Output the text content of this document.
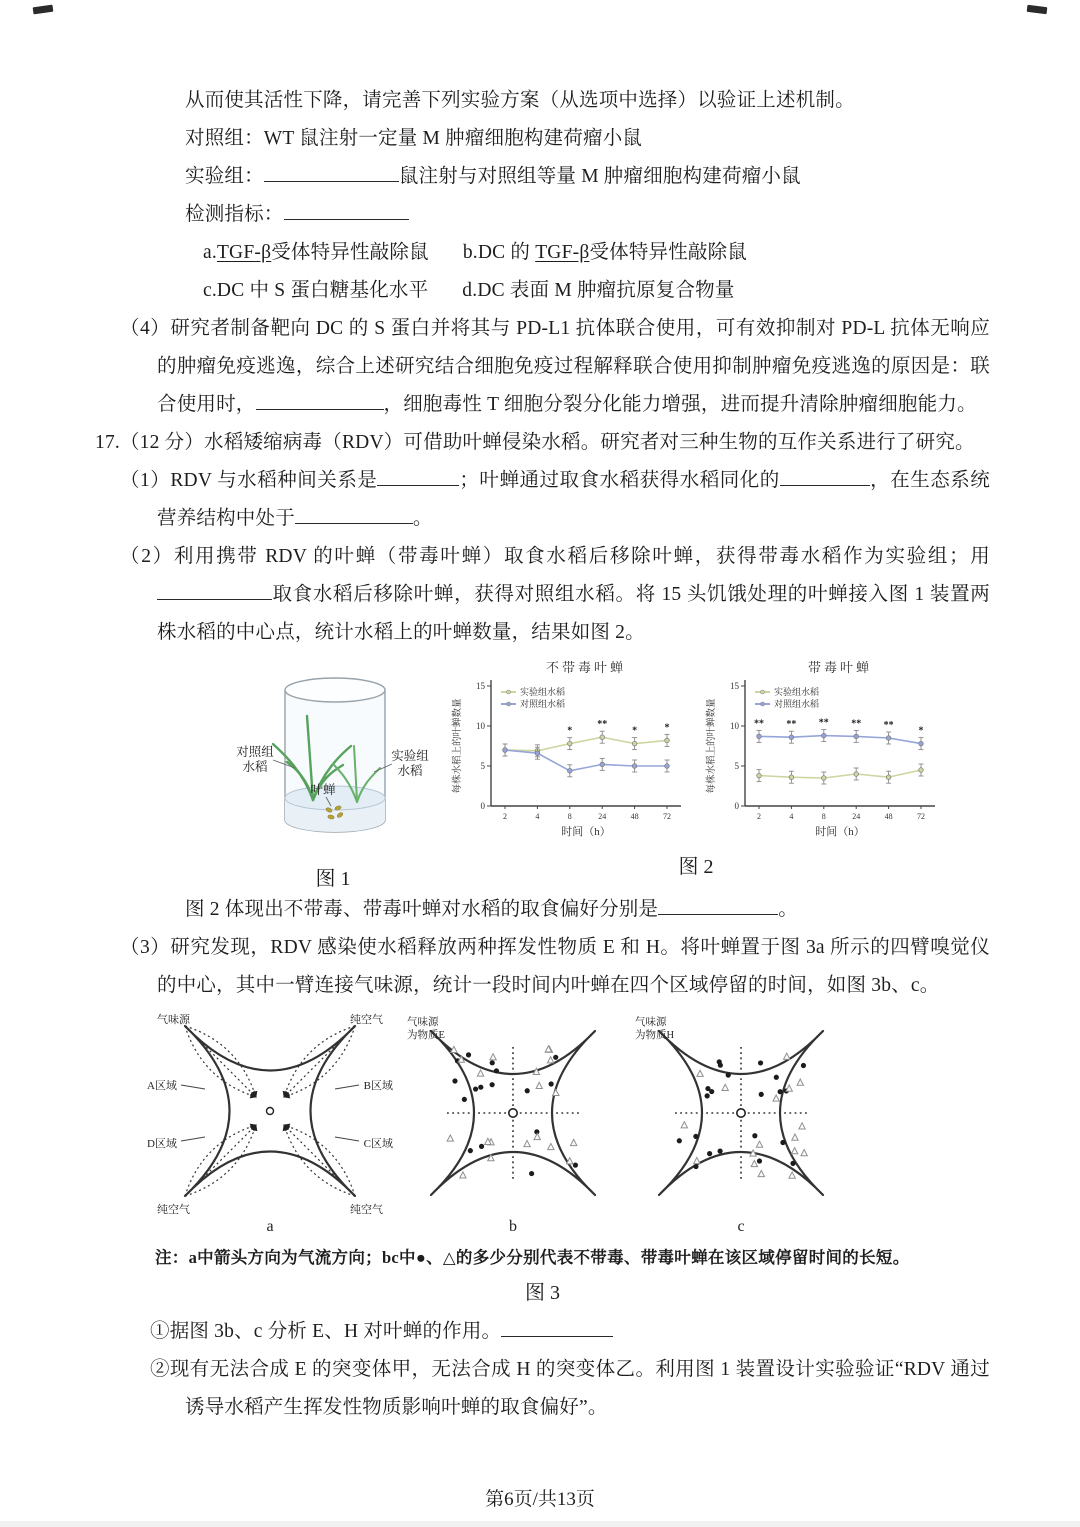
从而使其活性下降，请完善下列实验方案（从选项中选择）以验证上述机制。
对照组：WT 鼠注射一定量 M 肿瘤细胞构建荷瘤小鼠
实验组：	鼠注射与对照组等量 M 肿瘤细胞构建荷瘤小鼠
检测指标：
a.TGF-β受体特异性敲除鼠 b.DC 的 TGF-β受体特异性敲除鼠
c.DC 中 S 蛋白糖基化水平 d.DC 表面 M 肿瘤抗原复合物量
（4）研究者制备靶向 DC 的 S 蛋白并将其与 PD-L1 抗体联合使用，可有效抑制对 PD-L 抗体无响应的肿瘤免疫逃逸，综合上述研究结合细胞免疫过程解释联合使用抑制肿瘤免疫逃逸的原因是：联合使用时，	，细胞毒性 T 细胞分裂分化能力增强，进而提升清除肿瘤细胞能力。
17.（12 分）水稻矮缩病毒（RDV）可借助叶蝉侵染水稻。研究者对三种生物的互作关系进行了研究。
（1）RDV 与水稻种间关系是	；叶蝉通过取食水稻获得水稻同化的	，在生态系统营养结构中处于	。
（2）利用携带 RDV 的叶蝉（带毒叶蝉）取食水稻后移除叶蝉，获得带毒水稻作为实验组；用取食水稻后移除叶蝉，获得对照组水稻。将 15 头饥饿处理的叶蝉接入图 1 装置两株水稻的中心点，统计水稻上的叶蝉数量，结果如图 2。
对照组
水稻
实验组
水稻
叶蝉
图 1
不带毒叶蝉
0
5
10
15
每株水稻上的叶蝉数量
2	4	8	24	48	72
时间（h）
实验组水稻
对照组水稻
*
**
*	*
带毒叶蝉
0
5
10
15
每株水稻上的叶蝉数量
2	4	8	24	48	72
时间（h）
实验组水稻
对照组水稻
** ** ** ** **
*
图 2
图 2 体现出不带毒、带毒叶蝉对水稻的取食偏好分别是	。
（3）研究发现，RDV 感染使水稻释放两种挥发性物质 E 和 H。将叶蝉置于图 3a 所示的四臂嗅觉仪的中心，其中一臂连接气味源，统计一段时间内叶蝉在四个区域停留的时间，如图 3b、c。
气味源	纯空气
纯空气	纯空气
A区域	B区域
D区域	C区域
a
气味源
为物质E
b
气味源
为物质H
c
注：a中箭头方向为气流方向；bc中●、△的多少分别代表不带毒、带毒叶蝉在该区域停留时间的长短。
图 3
①据图 3b、c 分析 E、H 对叶蝉的作用。
②现有无法合成 E 的突变体甲，无法合成 H 的突变体乙。利用图 1 装置设计实验验证“RDV 通过诱导水稻产生挥发性物质影响叶蝉的取食偏好”。
第6页/共13页
